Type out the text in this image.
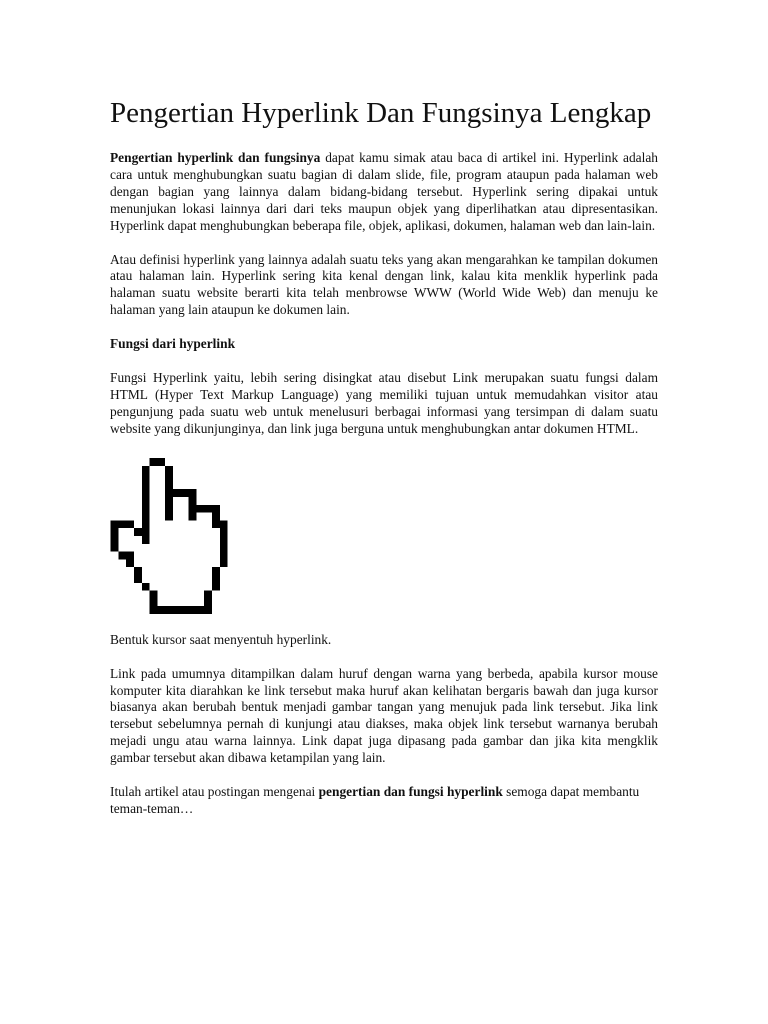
Pengertian Hyperlink Dan Fungsinya Lengkap

Pengertian hyperlink dan fungsinya dapat kamu simak atau baca di artikel ini. Hyperlink adalah cara untuk menghubungkan suatu bagian di dalam slide, file, program ataupun pada halaman web dengan bagian yang lainnya dalam bidang-bidang tersebut. Hyperlink sering dipakai untuk menunjukan lokasi lainnya dari dari teks maupun objek yang diperlihatkan atau dipresentasikan. Hyperlink dapat menghubungkan beberapa file, objek, aplikasi, dokumen, halaman web dan lain-lain.

Atau definisi hyperlink yang lainnya adalah suatu teks yang akan mengarahkan ke tampilan dokumen atau halaman lain. Hyperlink sering kita kenal dengan link, kalau kita menklik hyperlink pada halaman suatu website berarti kita telah menbrowse WWW (World Wide Web) dan menuju ke halaman yang lain ataupun ke dokumen lain.

Fungsi dari hyperlink

Fungsi Hyperlink yaitu, lebih sering disingkat atau disebut Link merupakan suatu fungsi dalam HTML (Hyper Text Markup Language) yang memiliki tujuan untuk memudahkan visitor atau pengunjung pada suatu web untuk menelusuri berbagai informasi yang tersimpan di dalam suatu website yang dikunjunginya, dan link juga berguna untuk menghubungkan antar dokumen HTML.

Bentuk kursor saat menyentuh hyperlink.

Link pada umumnya ditampilkan dalam huruf dengan warna yang berbeda, apabila kursor mouse komputer kita diarahkan ke link tersebut maka huruf akan kelihatan bergaris bawah dan juga kursor biasanya akan berubah bentuk menjadi gambar tangan yang menujuk pada link tersebut. Jika link tersebut sebelumnya pernah di kunjungi atau diakses, maka objek link tersebut warnanya berubah mejadi ungu atau warna lainnya. Link dapat juga dipasang pada gambar dan jika kita mengklik gambar tersebut akan dibawa ketampilan yang lain.

Itulah artikel atau postingan mengenai pengertian dan fungsi hyperlink semoga dapat membantu teman-teman…
